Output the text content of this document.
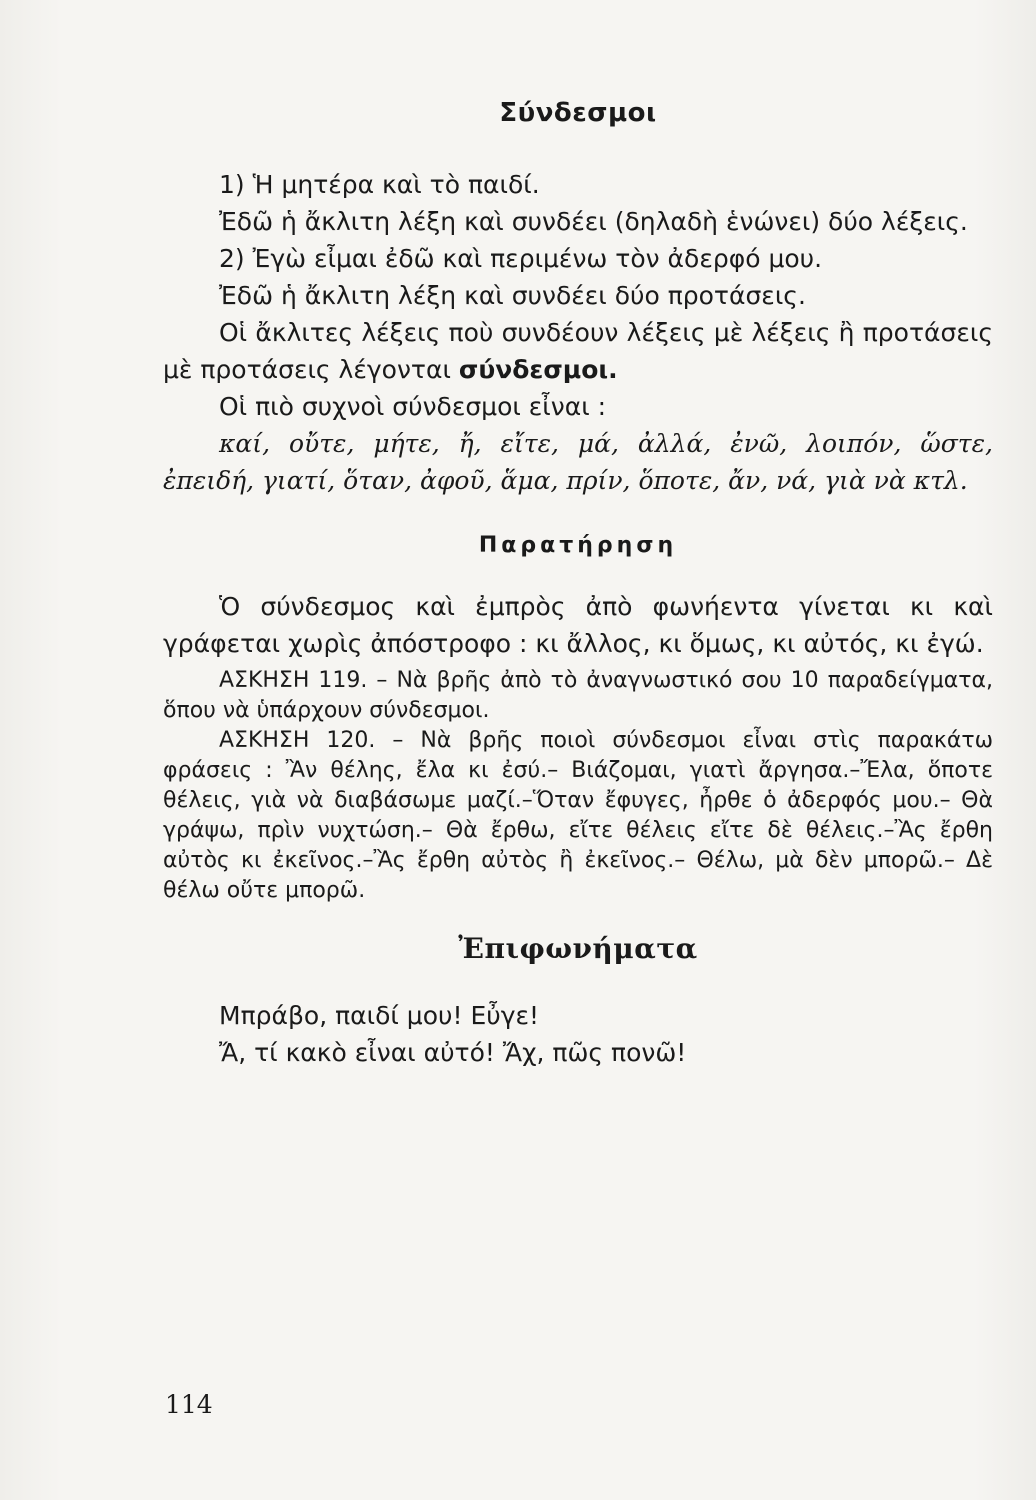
Σύνδεσμοι

1) Ἡ μητέρα καὶ τὸ παιδί.

Ἐδῶ ἡ ἄκλιτη λέξη καὶ συνδέει (δηλαδὴ ἑνώνει) δύο λέξεις.

2) Ἐγὼ εἶμαι ἐδῶ καὶ περιμένω τὸν ἀδερφό μου.

Ἐδῶ ἡ ἄκλιτη λέξη καὶ συνδέει δύο προτάσεις.

Οἱ ἄκλιτες λέξεις ποὺ συνδέουν λέξεις μὲ λέξεις ἢ προτάσεις μὲ προτάσεις λέγονται σύνδεσμοι.

Οἱ πιὸ συχνοὶ σύνδεσμοι εἶναι :

καί, οὔτε, μήτε, ἤ, εἴτε, μά, ἀλλά, ἐνῶ, λοιπόν, ὥστε, ἐπειδή, γιατί, ὅταν, ἀφοῦ, ἅμα, πρίν, ὅποτε, ἄν, νά, γιὰ νὰ κτλ.

Παρατήρηση

Ὁ σύνδεσμος καὶ ἐμπρὸς ἀπὸ φωνήεντα γίνεται κι καὶ γράφεται χωρὶς ἀπόστροφο : κι ἄλλος, κι ὅμως, κι αὐτός, κι ἐγώ.

ΑΣΚΗΣΗ 119. – Νὰ βρῆς ἀπὸ τὸ ἀναγνωστικό σου 10 παραδείγματα, ὅπου νὰ ὑπάρχουν σύνδεσμοι.

ΑΣΚΗΣΗ 120. – Νὰ βρῆς ποιοὶ σύνδεσμοι εἶναι στὶς παρακάτω φράσεις : Ἂν θέλης, ἔλα κι ἐσύ.– Βιάζομαι, γιατὶ ἄργησα.–Ἔλα, ὅποτε θέλεις, γιὰ νὰ διαβάσωμε μαζί.–Ὅταν ἔφυγες, ἦρθε ὁ ἀδερφός μου.– Θὰ γράψω, πρὶν νυχτώση.– Θὰ ἔρθω, εἴτε θέλεις εἴτε δὲ θέλεις.–Ἂς ἔρθη αὐτὸς κι ἐκεῖνος.–Ἂς ἔρθη αὐτὸς ἢ ἐκεῖνος.– Θέλω, μὰ δὲν μπορῶ.– Δὲ θέλω οὔτε μπορῶ.

Ἐπιφωνήματα

Μπράβο, παιδί μου! Εὖγε!

Ἄ, τί κακὸ εἶναι αὐτό! Ἄχ, πῶς πονῶ!

114
